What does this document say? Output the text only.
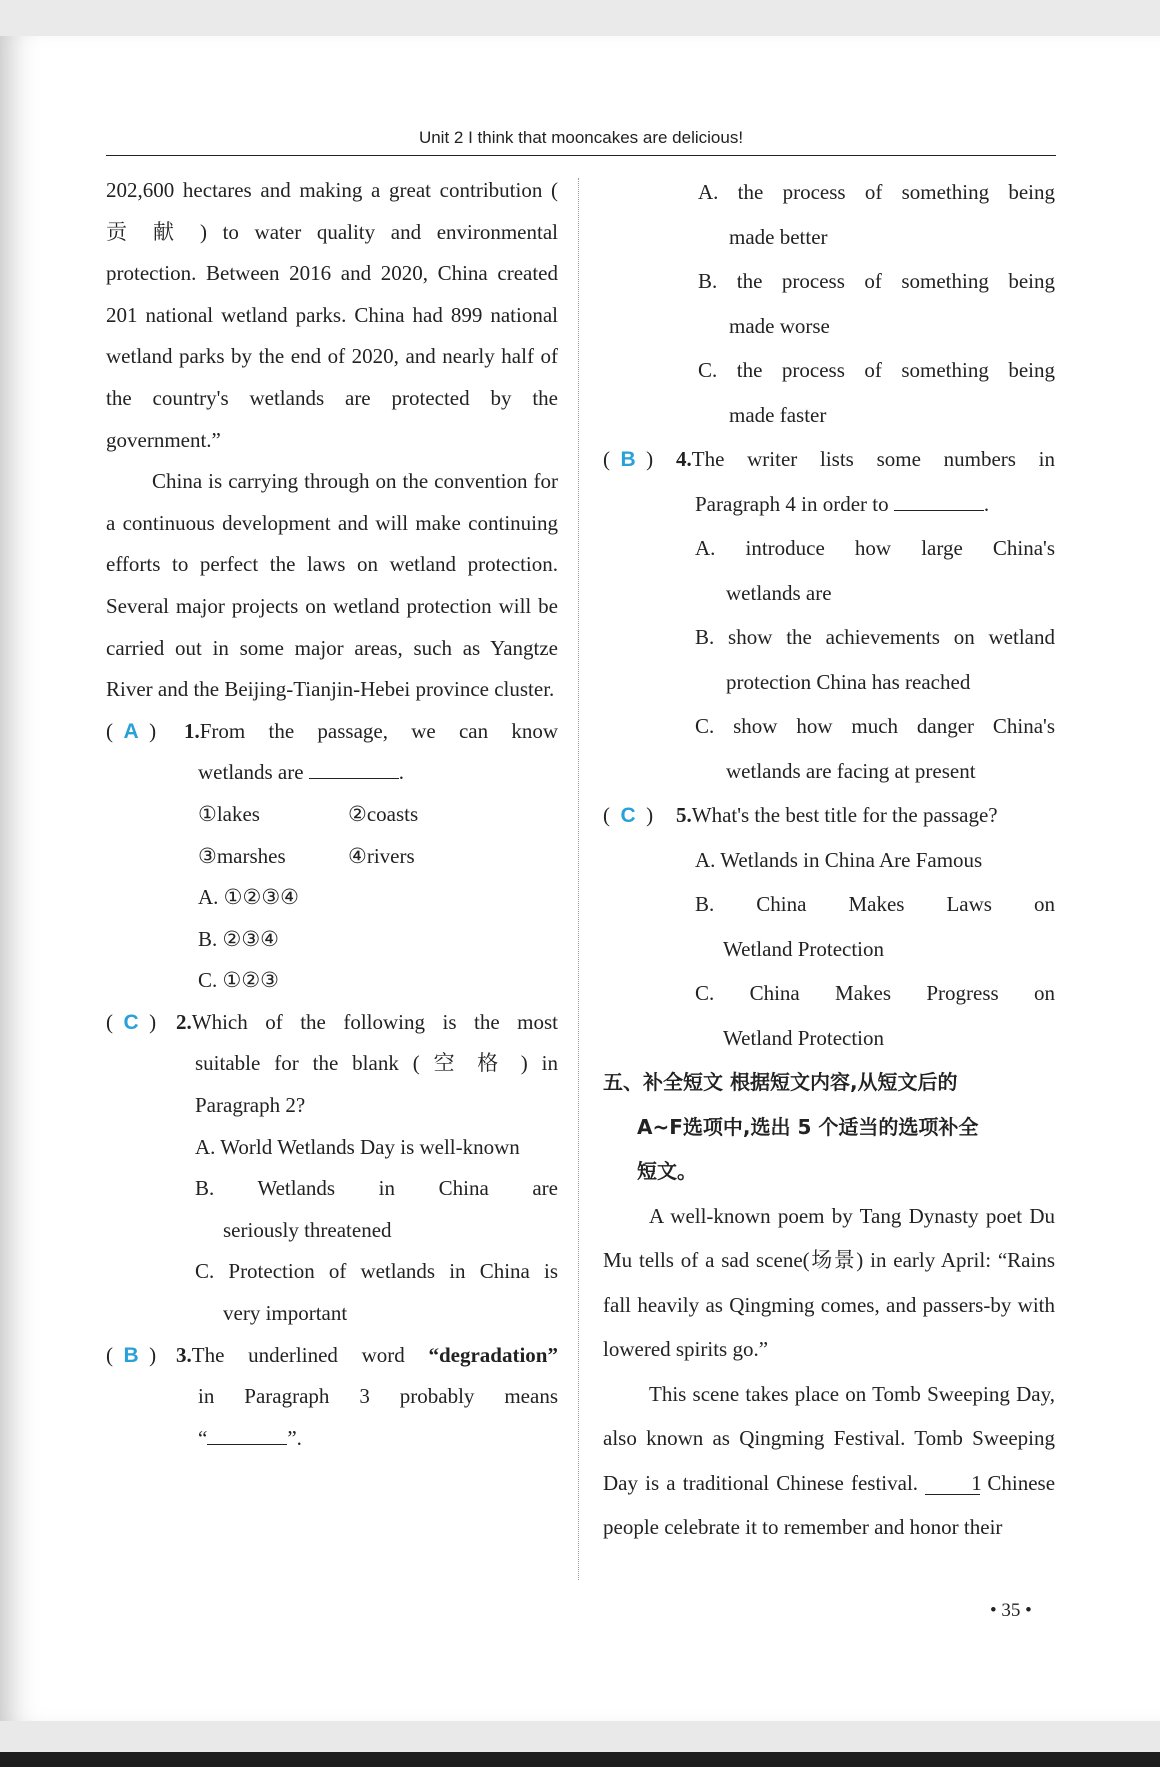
Unit 2 I think that mooncakes are delicious!

202,600 hectares and making a great contribution ( 贡 献 ) to water quality and environmental protection. Between 2016 and 2020, China created 201 national wetland parks. China had 899 national wetland parks by the end of 2020, and nearly half of the country's wetlands are protected by the government.”

China is carrying through on the convention for a continuous development and will make continuing efforts to perfect the laws on wetland protection. Several major projects on wetland protection will be carried out in some major areas, such as Yangtze River and the Beijing-Tianjin-Hebei province cluster.

( A )	1.From the passage, we can know

wetlands are	.

①lakes	②coasts

③marshes	④rivers

A. ①②③④

B. ②③④

C. ①②③

( C ) 2.Which of the following is the most

suitable for the blank ( 空 格 ) in

Paragraph 2?

A. World Wetlands Day is well-known

B. Wetlands in China are

seriously threatened

C. Protection of wetlands in China is

very important

( B ) 3.The underlined word “degradation”

in Paragraph 3 probably means

“	”.

A. the process of something being

made better

B. the process of something being

made worse

C. the process of something being

made faster

( B )	4.The writer lists some numbers in

Paragraph 4 in order to	.

A. introduce how large China's

wetlands are

B. show the achievements on wetland

protection China has reached

C. show how much danger China's

wetlands are facing at present

( C )	5.What's the best title for the passage?

A. Wetlands in China Are Famous

B. China Makes Laws on

Wetland Protection

C. China Makes Progress on

Wetland Protection

五、补全短文 根据短文内容,从短文后的

A~F选项中,选出 5 个适当的选项补全

短文。

A well-known poem by Tang Dynasty poet Du Mu tells of a sad scene(场景) in early April: “Rains fall heavily as Qingming comes, and passers-by with lowered spirits go.”

This scene takes place on Tomb Sweeping Day, also known as Qingming Festival. Tomb Sweeping Day is a traditional Chinese festival.	1 Chinese people celebrate it to remember and honor their

• 35 •
